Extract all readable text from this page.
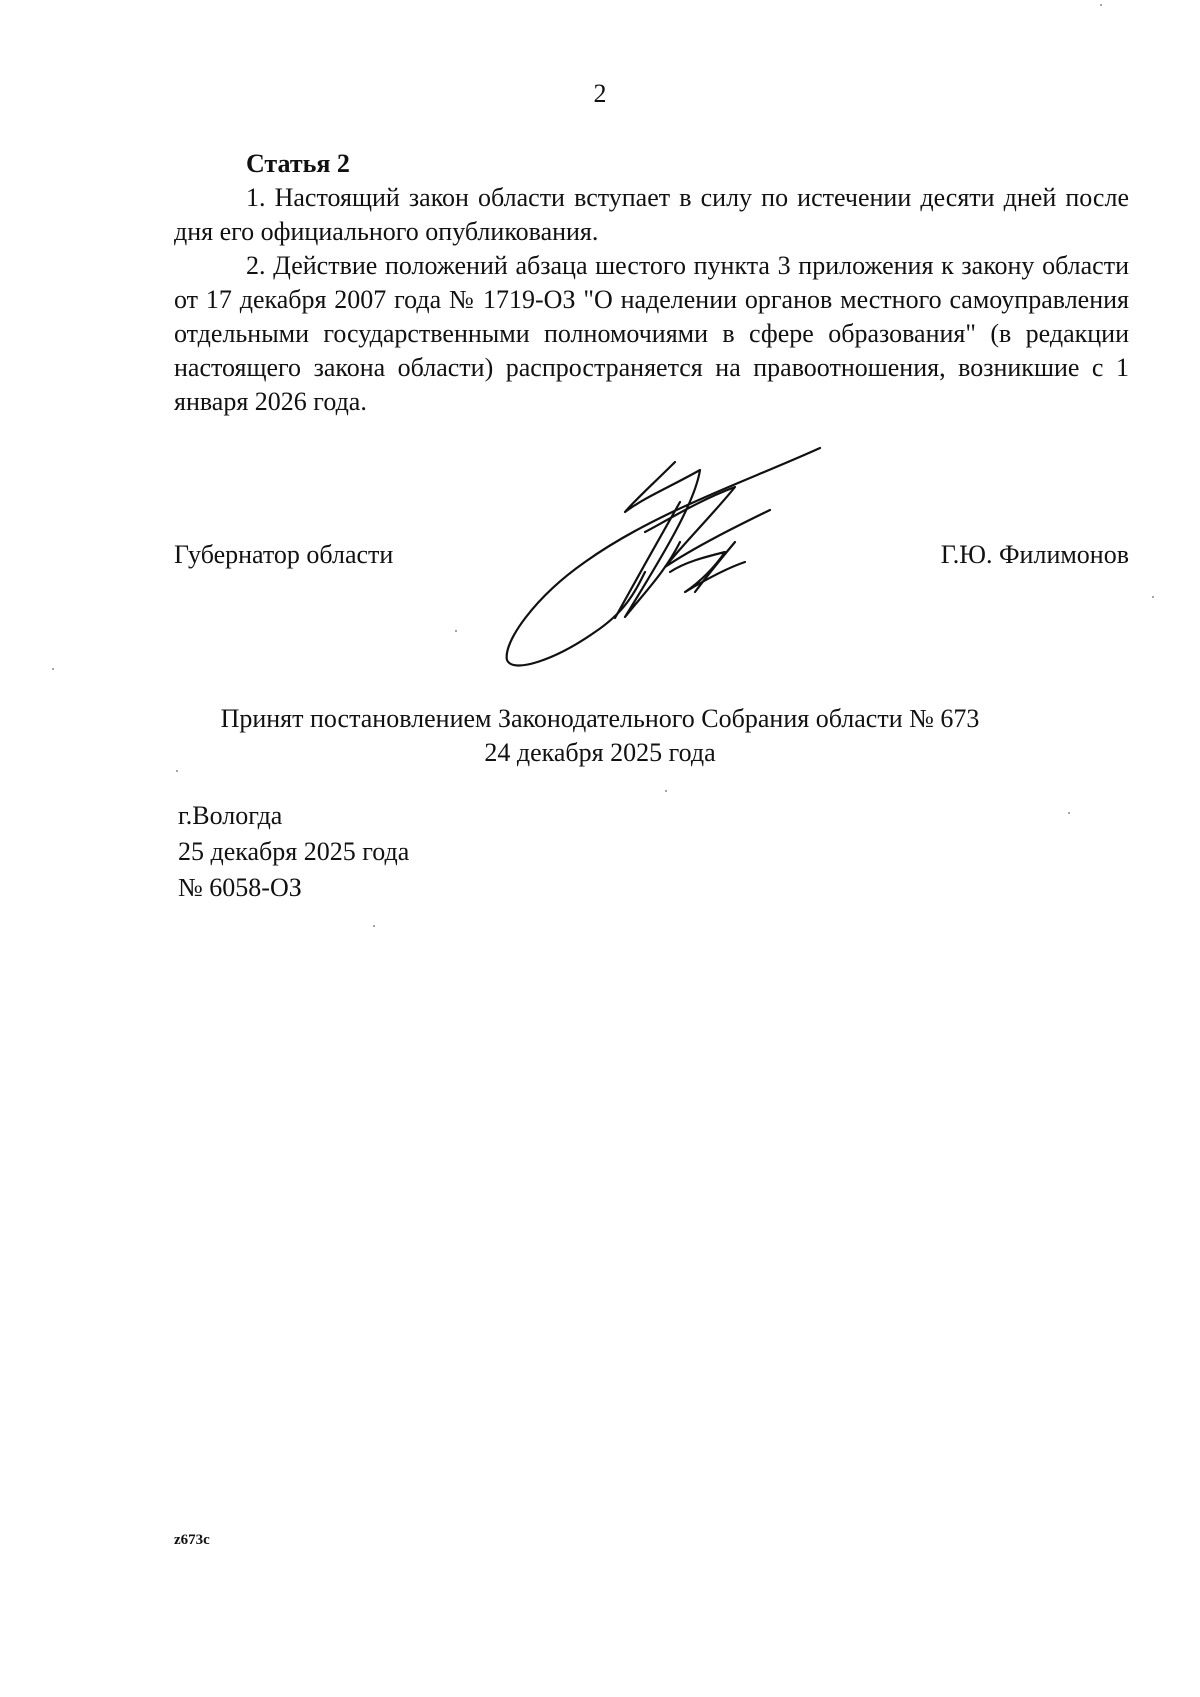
2

Статья 2

1. Настоящий закон области вступает в силу по истечении десяти дней после дня его официального опубликования.

2. Действие положений абзаца шестого пункта 3 приложения к закону области от 17 декабря 2007 года № 1719-ОЗ "О наделении органов местного самоуправления отдельными государственными полномочиями в сфере образования" (в редакции настоящего закона области) распространяется на правоотношения, возникшие с 1 января 2026 года.

Губернатор области	Г.Ю. Филимонов
Принят постановлением Законодательного Собрания области № 673
24 декабря 2025 года
г.Вологда
25 декабря 2025 года
№ 6058-ОЗ
z673c
